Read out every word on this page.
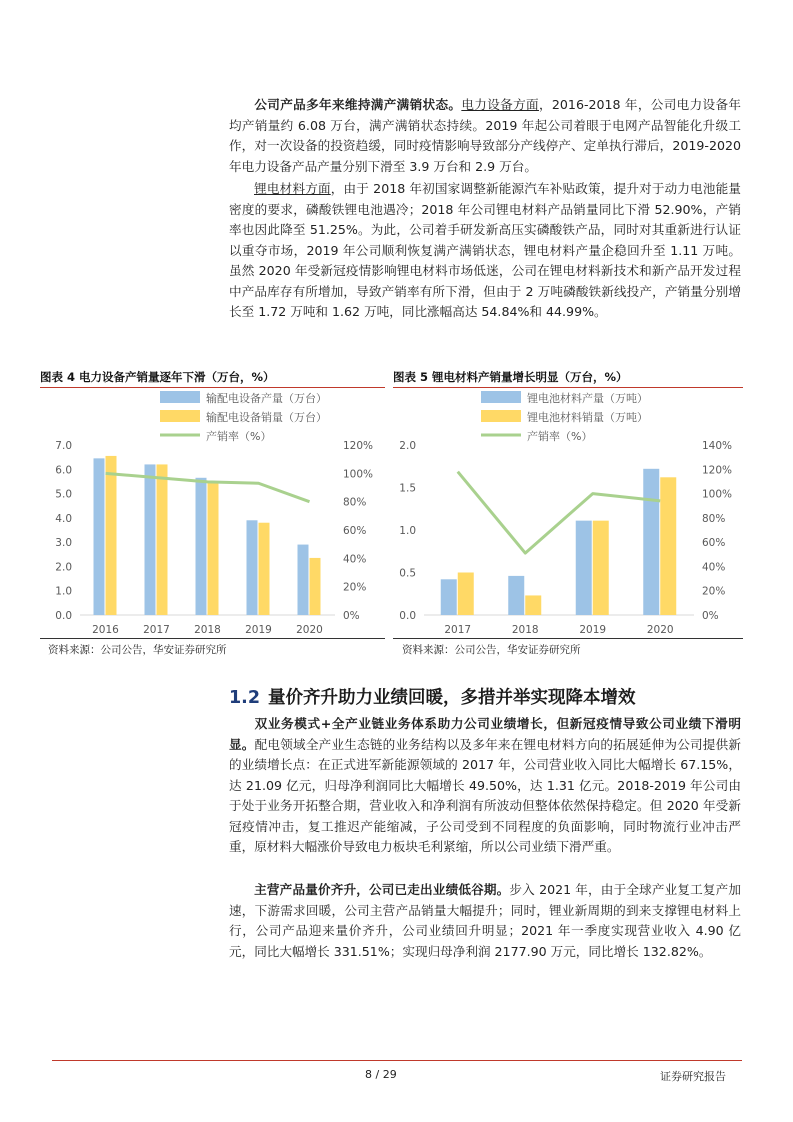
公司产品多年来维持满产满销状态。电力设备方面，2016-2018 年，公司电力设备年均产销量约 6.08 万台，满产满销状态持续。2019 年起公司着眼于电网产品智能化升级工作，对一次设备的投资趋缓，同时疫情影响导致部分产线停产、定单执行滞后，2019-2020 年电力设备产品产量分别下滑至 3.9 万台和 2.9 万台。

锂电材料方面，由于 2018 年初国家调整新能源汽车补贴政策，提升对于动力电池能量密度的要求，磷酸铁锂电池遇冷；2018 年公司锂电材料产品销量同比下滑 52.90%，产销率也因此降至 51.25%。为此，公司着手研发新高压实磷酸铁产品，同时对其重新进行认证以重夺市场，2019 年公司顺利恢复满产满销状态，锂电材料产量企稳回升至 1.11 万吨。虽然 2020 年受新冠疫情影响锂电材料市场低迷，公司在锂电材料新技术和新产品开发过程中产品库存有所增加，导致产销率有所下滑，但由于 2 万吨磷酸铁新线投产，产销量分别增长至 1.72 万吨和 1.62 万吨，同比涨幅高达 54.84%和 44.99%。

图表 4 电力设备产销量逐年下滑（万台，%）	图表 5 锂电材料产销量增长明显（万台，%）
输配电设备产量（万台）
输配电设备销量（万台）
产销率（%）
0.0
1.0
2.0
3.0
4.0
5.0
6.0
7.0
0%
20%
40%
60%
80%
100%
120%
2016 2017 2018 2019 2020
锂电池材料产量（万吨）
锂电池材料销量（万吨）
产销率（%）
0.0
0.5
1.0
1.5
2.0
0%
20%
40%
60%
80%
100%
120%
140%
2017	2018	2019	2020
资料来源：公司公告，华安证券研究所	资料来源：公司公告，华安证券研究所
1.2 量价齐升助力业绩回暖，多措并举实现降本增效

双业务模式+全产业链业务体系助力公司业绩增长，但新冠疫情导致公司业绩下滑明显。配电领域全产业生态链的业务结构以及多年来在锂电材料方向的拓展延伸为公司提供新的业绩增长点：在正式进军新能源领域的 2017 年，公司营业收入同比大幅增长 67.15%，达 21.09 亿元，归母净利润同比大幅增长 49.50%，达 1.31 亿元。2018-2019 年公司由于处于业务开拓整合期，营业收入和净利润有所波动但整体依然保持稳定。但 2020 年受新冠疫情冲击，复工推迟产能缩减，子公司受到不同程度的负面影响，同时物流行业冲击严重，原材料大幅涨价导致电力板块毛利紧缩，所以公司业绩下滑严重。

主营产品量价齐升，公司已走出业绩低谷期。步入 2021 年，由于全球产业复工复产加速，下游需求回暖，公司主营产品销量大幅提升；同时，锂业新周期的到来支撑锂电材料上行，公司产品迎来量价齐升，公司业绩回升明显；2021 年一季度实现营业收入 4.90 亿元，同比大幅增长 331.51%；实现归母净利润 2177.90 万元，同比增长 132.82%。

8 / 29	证券研究报告
